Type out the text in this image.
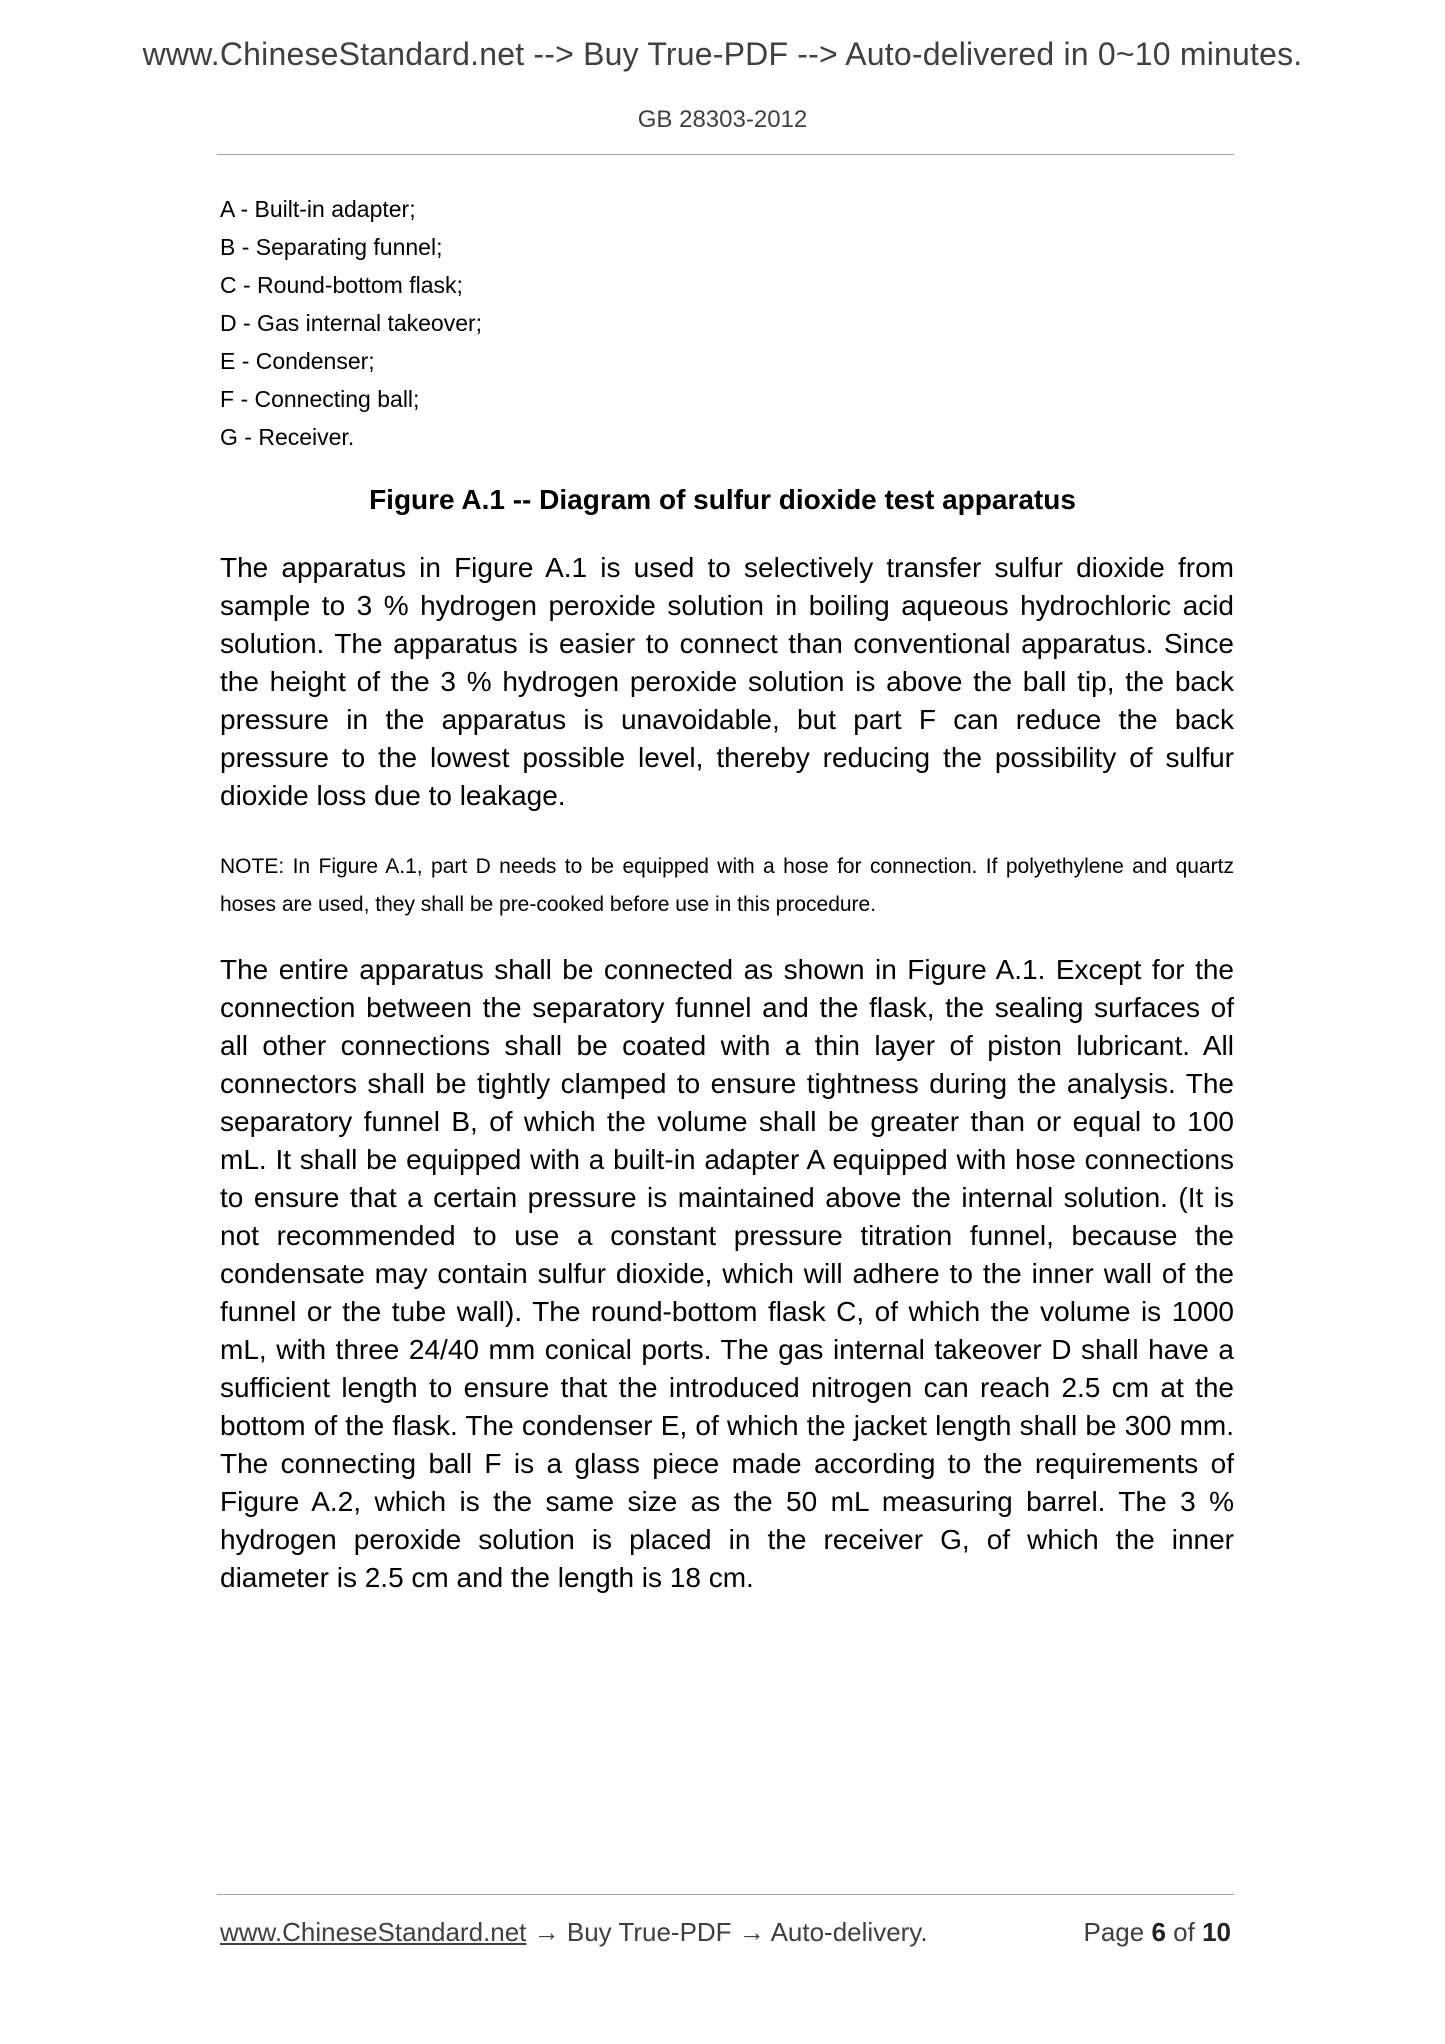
www.ChineseStandard.net --> Buy True-PDF --> Auto-delivered in 0~10 minutes.
GB 28303-2012
A - Built-in adapter;
B - Separating funnel;
C - Round-bottom flask;
D - Gas internal takeover;
E - Condenser;
F - Connecting ball;
G - Receiver.
Figure A.1 -- Diagram of sulfur dioxide test apparatus

The apparatus in Figure A.1 is used to selectively transfer sulfur dioxide from sample to 3 % hydrogen peroxide solution in boiling aqueous hydrochloric acid solution. The apparatus is easier to connect than conventional apparatus. Since the height of the 3 % hydrogen peroxide solution is above the ball tip, the back pressure in the apparatus is unavoidable, but part F can reduce the back pressure to the lowest possible level, thereby reducing the possibility of sulfur dioxide loss due to leakage.

NOTE: In Figure A.1, part D needs to be equipped with a hose for connection. If polyethylene and quartz hoses are used, they shall be pre-cooked before use in this procedure.

The entire apparatus shall be connected as shown in Figure A.1. Except for the connection between the separatory funnel and the flask, the sealing surfaces of all other connections shall be coated with a thin layer of piston lubricant. All connectors shall be tightly clamped to ensure tightness during the analysis. The separatory funnel B, of which the volume shall be greater than or equal to 100 mL. It shall be equipped with a built-in adapter A equipped with hose connections to ensure that a certain pressure is maintained above the internal solution. (It is not recommended to use a constant pressure titration funnel, because the condensate may contain sulfur dioxide, which will adhere to the inner wall of the funnel or the tube wall). The round-bottom flask C, of which the volume is 1000 mL, with three 24/40 mm conical ports. The gas internal takeover D shall have a sufficient length to ensure that the introduced nitrogen can reach 2.5 cm at the bottom of the flask. The condenser E, of which the jacket length shall be 300 mm. The connecting ball F is a glass piece made according to the requirements of Figure A.2, which is the same size as the 50 mL measuring barrel. The 3 % hydrogen peroxide solution is placed in the receiver G, of which the inner diameter is 2.5 cm and the length is 18 cm.

www.ChineseStandard.net → Buy True-PDF → Auto-delivery.	Page 6 of 10
